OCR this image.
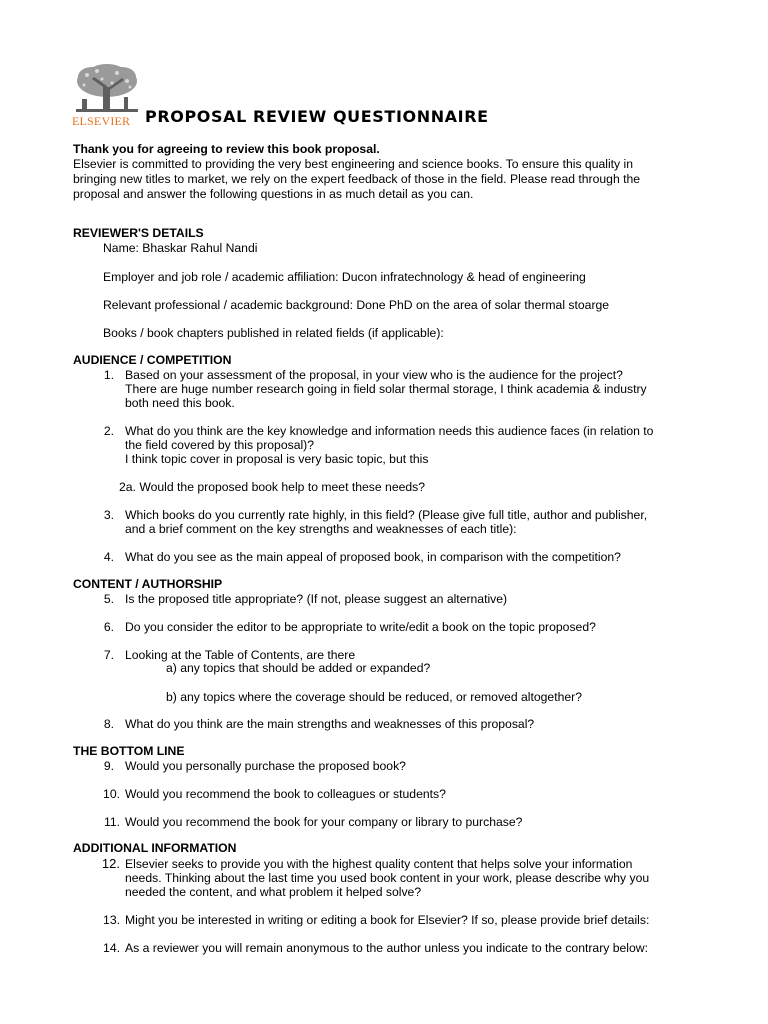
ELSEVIER PROPOSAL REVIEW QUESTIONNAIRE
Thank you for agreeing to review this book proposal.
Elsevier is committed to providing the very best engineering and science books. To ensure this quality in
bringing new titles to market, we rely on the expert feedback of those in the field. Please read through the
proposal and answer the following questions in as much detail as you can.
REVIEWER'S DETAILS
Name: Bhaskar Rahul Nandi
Employer and job role / academic affiliation: Ducon infratechnology & head of engineering
Relevant professional / academic background: Done PhD on the area of solar thermal stoarge
Books / book chapters published in related fields (if applicable):
AUDIENCE / COMPETITION
1. Based on your assessment of the proposal, in your view who is the audience for the project?
There are huge number research going in field solar thermal storage, I think academia & industry
both need this book.
2. What do you think are the key knowledge and information needs this audience faces (in relation to
the field covered by this proposal)?
I think topic cover in proposal is very basic topic, but this
2a. Would the proposed book help to meet these needs?
3. Which books do you currently rate highly, in this field? (Please give full title, author and publisher,
and a brief comment on the key strengths and weaknesses of each title):
4. What do you see as the main appeal of proposed book, in comparison with the competition?
CONTENT / AUTHORSHIP
5. Is the proposed title appropriate? (If not, please suggest an alternative)
6. Do you consider the editor to be appropriate to write/edit a book on the topic proposed?
7. Looking at the Table of Contents, are there
a) any topics that should be added or expanded?
b) any topics where the coverage should be reduced, or removed altogether?
8. What do you think are the main strengths and weaknesses of this proposal?
THE BOTTOM LINE
9. Would you personally purchase the proposed book?
10. Would you recommend the book to colleagues or students?
11. Would you recommend the book for your company or library to purchase?
ADDITIONAL INFORMATION
12. Elsevier seeks to provide you with the highest quality content that helps solve your information
needs. Thinking about the last time you used book content in your work, please describe why you
needed the content, and what problem it helped solve?
13. Might you be interested in writing or editing a book for Elsevier? If so, please provide brief details:
14. As a reviewer you will remain anonymous to the author unless you indicate to the contrary below:
